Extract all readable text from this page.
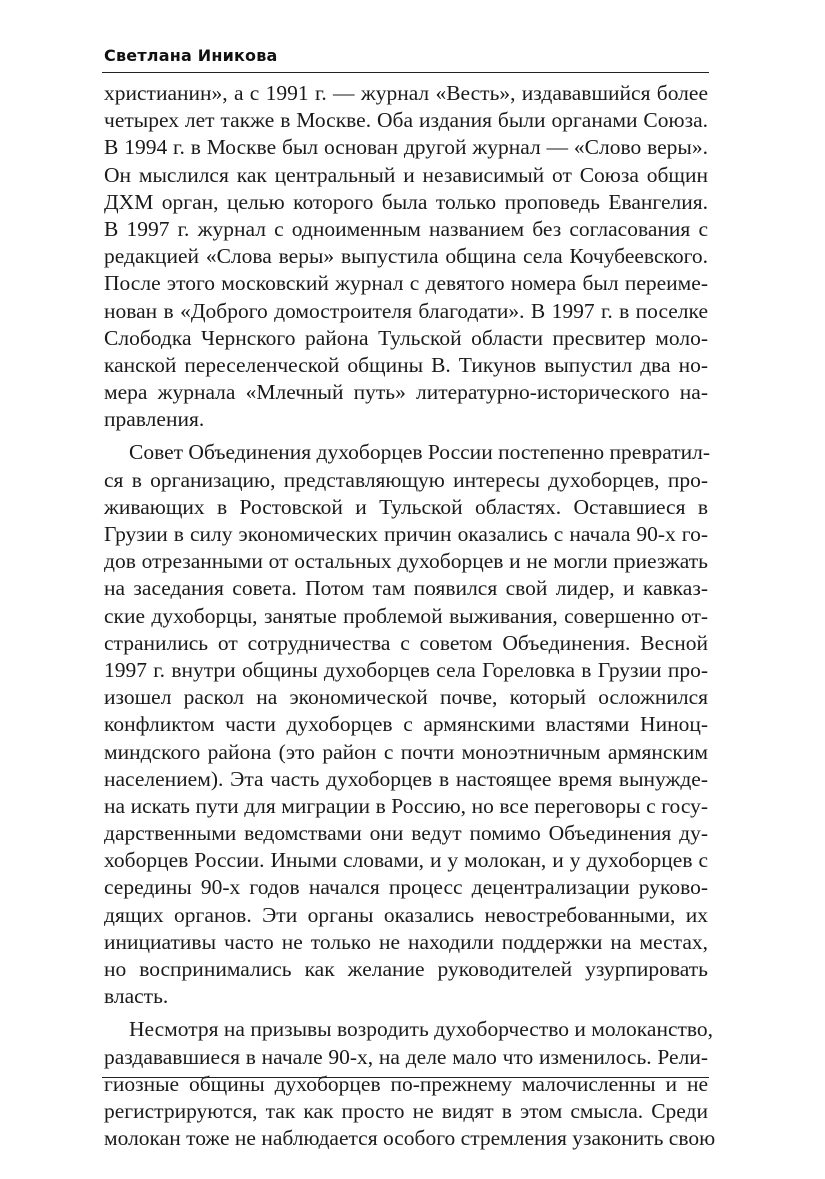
Светлана Иникова
христианин», а с 1991 г. — журнал «Весть», издававшийся более
четырех лет также в Москве. Оба издания были органами Союза.
В 1994 г. в Москве был основан другой журнал — «Слово веры».
Он мыслился как центральный и независимый от Союза общин
ДХМ орган, целью которого была только проповедь Евангелия.
В 1997 г. журнал с одноименным названием без согласования с
редакцией «Слова веры» выпустила община села Кочубеевского.
После этого московский журнал с девятого номера был переиме-
нован в «Доброго домостроителя благодати». В 1997 г. в поселке
Слободка Чернского района Тульской области пресвитер моло-
канской переселенческой общины В. Тикунов выпустил два но-
мера журнала «Млечный путь» литературно-исторического на-
правления.
Совет Объединения духоборцев России постепенно превратил-
ся в организацию, представляющую интересы духоборцев, про-
живающих в Ростовской и Тульской областях. Оставшиеся в
Грузии в силу экономических причин оказались с начала 90-х го-
дов отрезанными от остальных духоборцев и не могли приезжать
на заседания совета. Потом там появился свой лидер, и кавказ-
ские духоборцы, занятые проблемой выживания, совершенно от-
странились от сотрудничества с советом Объединения. Весной
1997 г. внутри общины духоборцев села Гореловка в Грузии про-
изошел раскол на экономической почве, который осложнился
конфликтом части духоборцев с армянскими властями Ниноц-
миндского района (это район с почти моноэтничным армянским
населением). Эта часть духоборцев в настоящее время вынужде-
на искать пути для миграции в Россию, но все переговоры с госу-
дарственными ведомствами они ведут помимо Объединения ду-
хоборцев России. Иными словами, и у молокан, и у духоборцев с
середины 90-х годов начался процесс децентрализации руково-
дящих органов. Эти органы оказались невостребованными, их
инициативы часто не только не находили поддержки на местах,
но воспринимались как желание руководителей узурпировать
власть.
Несмотря на призывы возродить духоборчество и молоканство,
раздававшиеся в начале 90-х, на деле мало что изменилось. Рели-
гиозные общины духоборцев по-прежнему малочисленны и не
регистрируются, так как просто не видят в этом смысла. Среди
молокан тоже не наблюдается особого стремления узаконить свою
